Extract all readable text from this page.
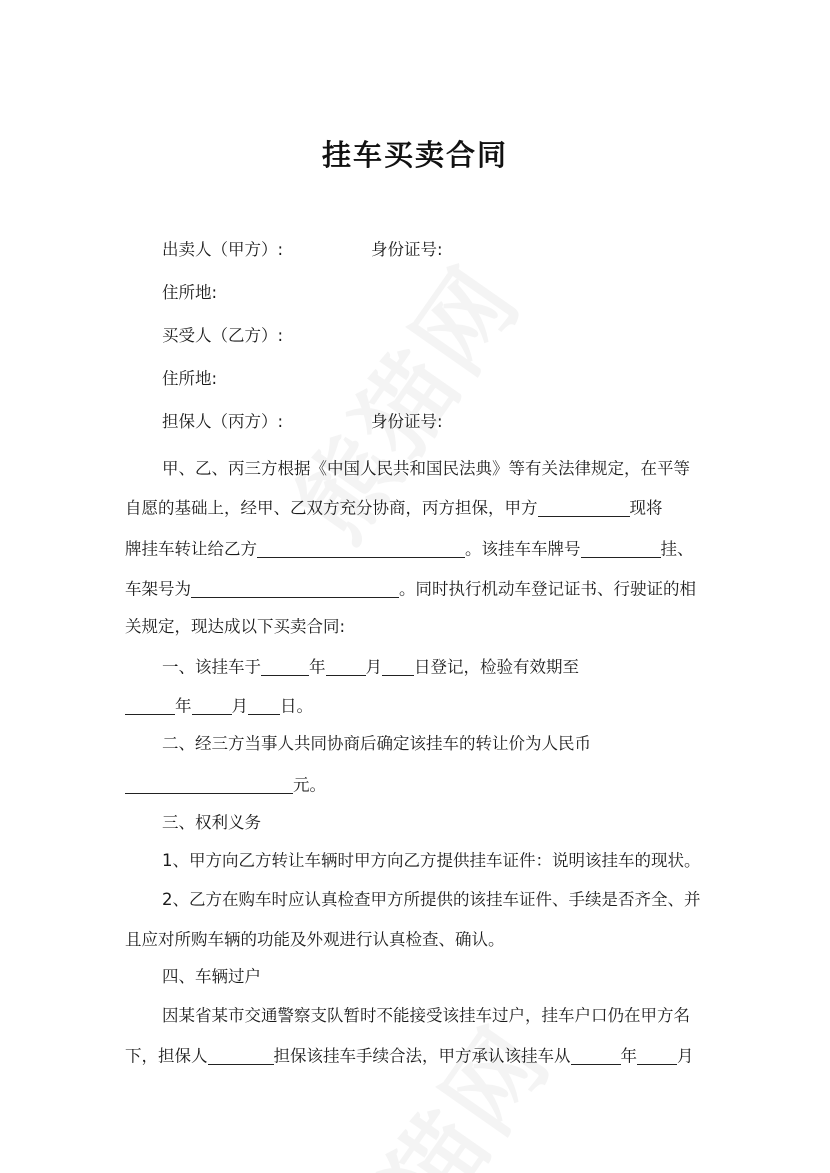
挂车买卖合同
出卖人（甲方）:	身份证号:
住所地:
买受人（乙方）:
住所地:
担保人（丙方）:	身份证号:
甲、乙、丙三方根据《中国人民共和国民法典》等有关法律规定，在平等
自愿的基础上，经甲、乙双方充分协商，丙方担保，甲方	现将
牌挂车转让给乙方	。该挂车车牌号	挂、
车架号为	。同时执行机动车登记证书、行驶证的相
关规定，现达成以下买卖合同:
一、该挂车于	年 月 日登记，检验有效期至
年 月 日。
二、经三方当事人共同协商后确定该挂车的转让价为人民币
元。
三、权利义务
1、甲方向乙方转让车辆时甲方向乙方提供挂车证件：说明该挂车的现状。
2、乙方在购车时应认真检查甲方所提供的该挂车证件、手续是否齐全、并
且应对所购车辆的功能及外观进行认真检查、确认。
四、车辆过户
因某省某市交通警察支队暂时不能接受该挂车过户，挂车户口仍在甲方名
下，担保人	担保该挂车手续合法，甲方承认该挂车从	年 月
